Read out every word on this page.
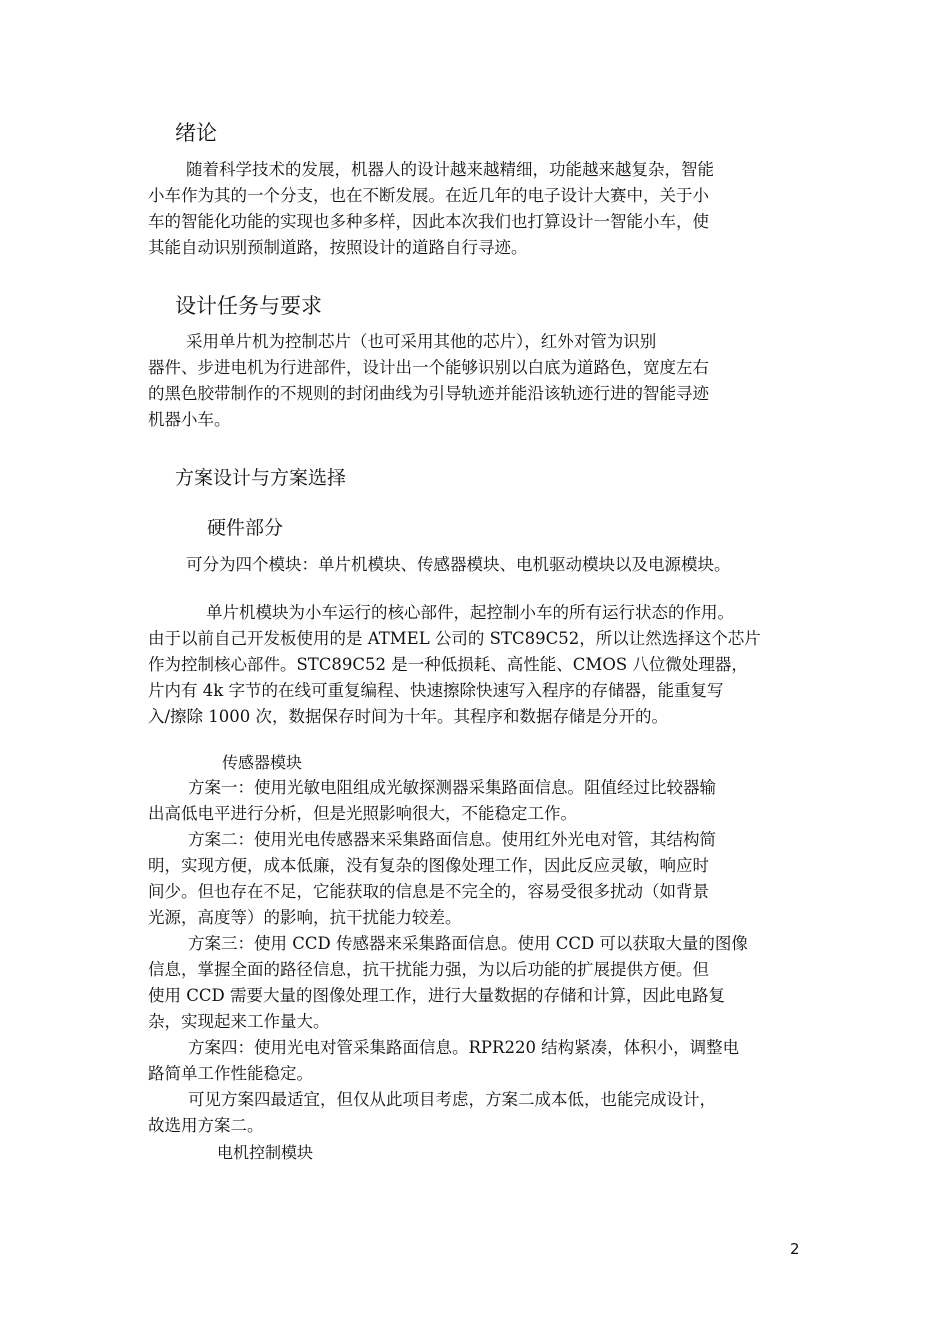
绪论
随着科学技术的发展，机器人的设计越来越精细，功能越来越复杂，智能
小车作为其的一个分支，也在不断发展。在近几年的电子设计大赛中，关于小
车的智能化功能的实现也多种多样，因此本次我们也打算设计一智能小车，使
其能自动识别预制道路，按照设计的道路自行寻迹。
设计任务与要求
采用单片机为控制芯片（也可采用其他的芯片），红外对管为识别
器件、步进电机为行进部件，设计出一个能够识别以白底为道路色，宽度左右
的黑色胶带制作的不规则的封闭曲线为引导轨迹并能沿该轨迹行进的智能寻迹
机器小车。
方案设计与方案选择
硬件部分
可分为四个模块：单片机模块、传感器模块、电机驱动模块以及电源模块。
单片机模块为小车运行的核心部件，起控制小车的所有运行状态的作用。
由于以前自己开发板使用的是 ATMEL 公司的 STC89C52，所以让然选择这个芯片
作为控制核心部件。STC89C52 是一种低损耗、高性能、CMOS 八位微处理器，
片内有 4k 字节的在线可重复编程、快速擦除快速写入程序的存储器，能重复写
入/擦除 1000 次，数据保存时间为十年。其程序和数据存储是分开的。
传感器模块
方案一：使用光敏电阻组成光敏探测器采集路面信息。阻值经过比较器输
出高低电平进行分析，但是光照影响很大，不能稳定工作。
方案二：使用光电传感器来采集路面信息。使用红外光电对管，其结构简
明，实现方便，成本低廉，没有复杂的图像处理工作，因此反应灵敏，响应时
间少。但也存在不足，它能获取的信息是不完全的，容易受很多扰动（如背景
光源，高度等）的影响，抗干扰能力较差。
方案三：使用 CCD 传感器来采集路面信息。使用 CCD 可以获取大量的图像
信息，掌握全面的路径信息，抗干扰能力强，为以后功能的扩展提供方便。但
使用 CCD 需要大量的图像处理工作，进行大量数据的存储和计算，因此电路复
杂，实现起来工作量大。
方案四：使用光电对管采集路面信息。RPR220 结构紧凑，体积小，调整电
路简单工作性能稳定。
可见方案四最适宜，但仅从此项目考虑，方案二成本低，也能完成设计，
故选用方案二。
电机控制模块
2
